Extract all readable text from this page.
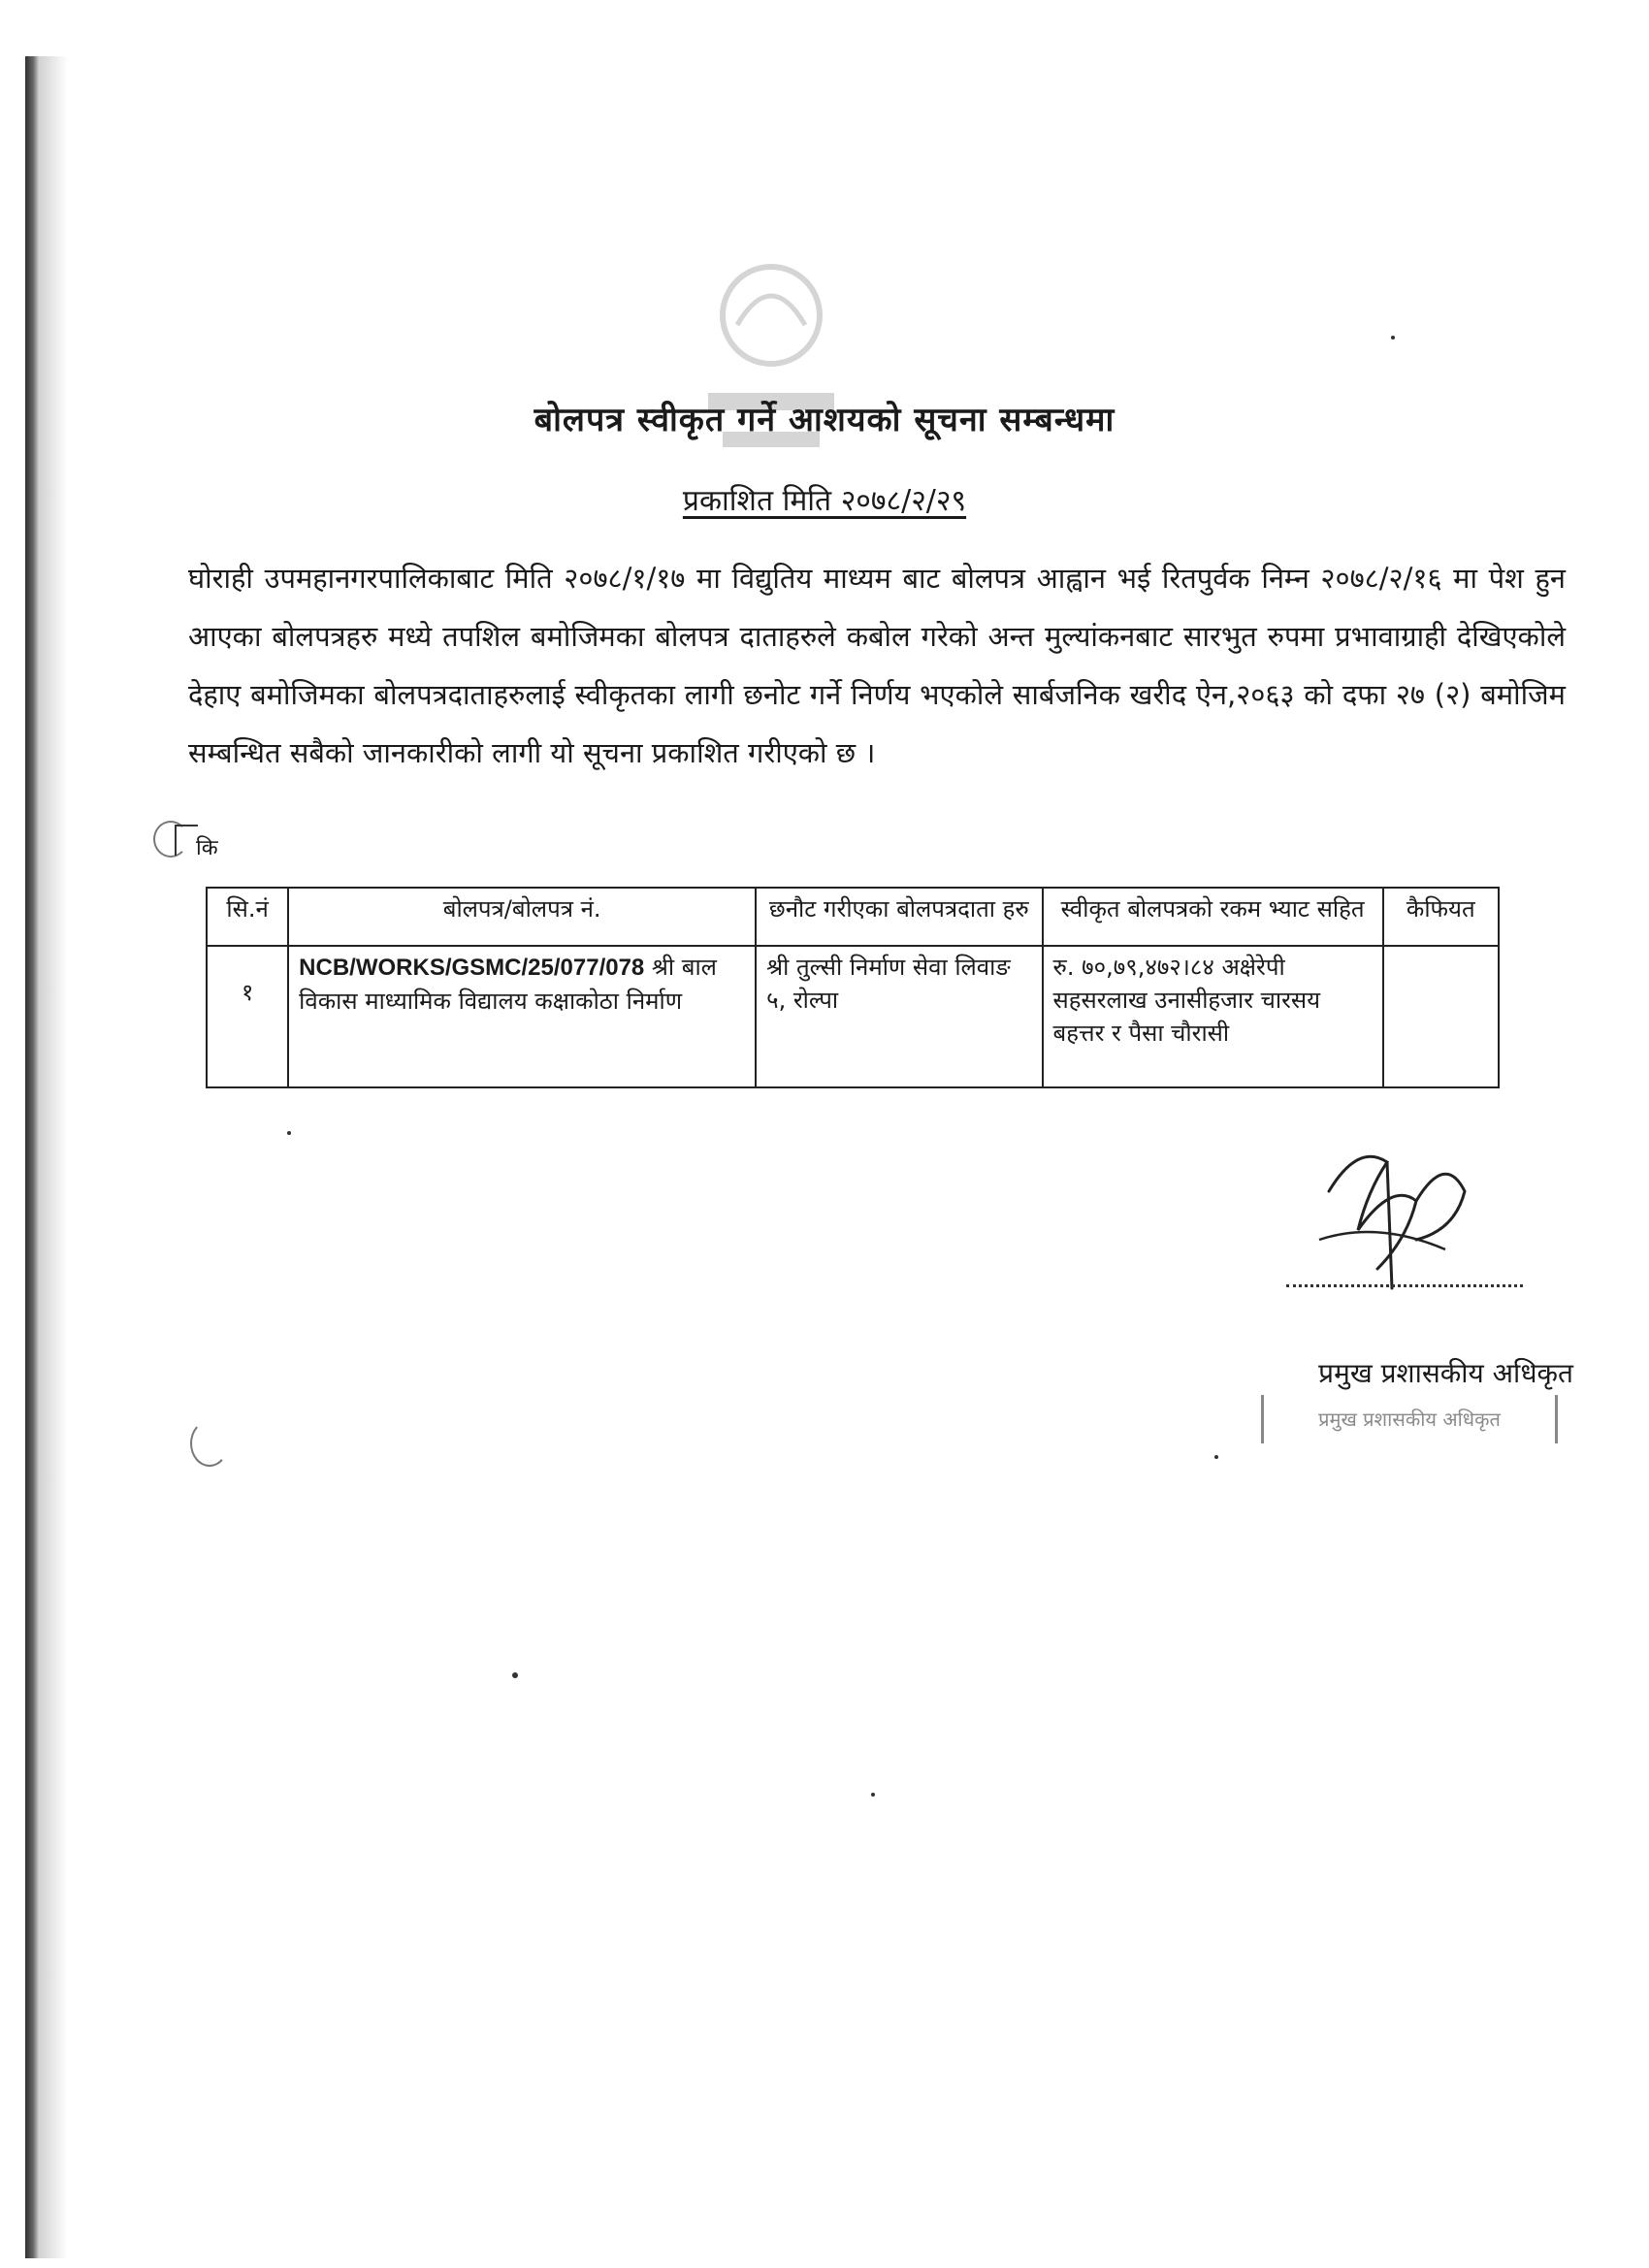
बोलपत्र स्वीकृत गर्ने आशयको सूचना सम्बन्धमा
प्रकाशित मिति २०७८/२/२९
घोराही उपमहानगरपालिकाबाट मिति २०७८/१/१७ मा विद्युतिय माध्यम बाट बोलपत्र आह्वान भई रितपुर्वक निम्न २०७८/२/१६ मा पेश हुन आएका बोलपत्रहरु मध्ये तपशिल बमोजिमका बोलपत्र दाताहरुले कबोल गरेको अन्त मुल्यांकनबाट सारभुत रुपमा प्रभावाग्राही देखिएकोले देहाए बमोजिमका बोलपत्रदाताहरुलाई स्वीकृतका लागी छनोट गर्ने निर्णय भएकोले सार्बजनिक खरीद ऐन,२०६३ को दफा २७ (२) बमोजिम सम्बन्धित सबैको जानकारीको लागी यो सूचना प्रकाशित गरीएको छ ।
कि
सि.नं	बोलपत्र/बोलपत्र नं.	छनौट गरीएका बोलपत्रदाता हरु	स्वीकृत बोलपत्रको रकम भ्याट सहित	कैफियत
१	NCB/WORKS/GSMC/25/077/078 श्री बाल विकास माध्यामिक विद्यालय कक्षाकोठा निर्माण	श्री तुल्सी निर्माण सेवा लिवाङ ५, रोल्पा	रु. ७०,७९,४७२।८४ अक्षेरेपी सहसरलाख उनासीहजार चारसय बहत्तर र पैसा चौरासी	
प्रमुख प्रशासकीय अधिकृत
प्रमुख प्रशासकीय अधिकृत
